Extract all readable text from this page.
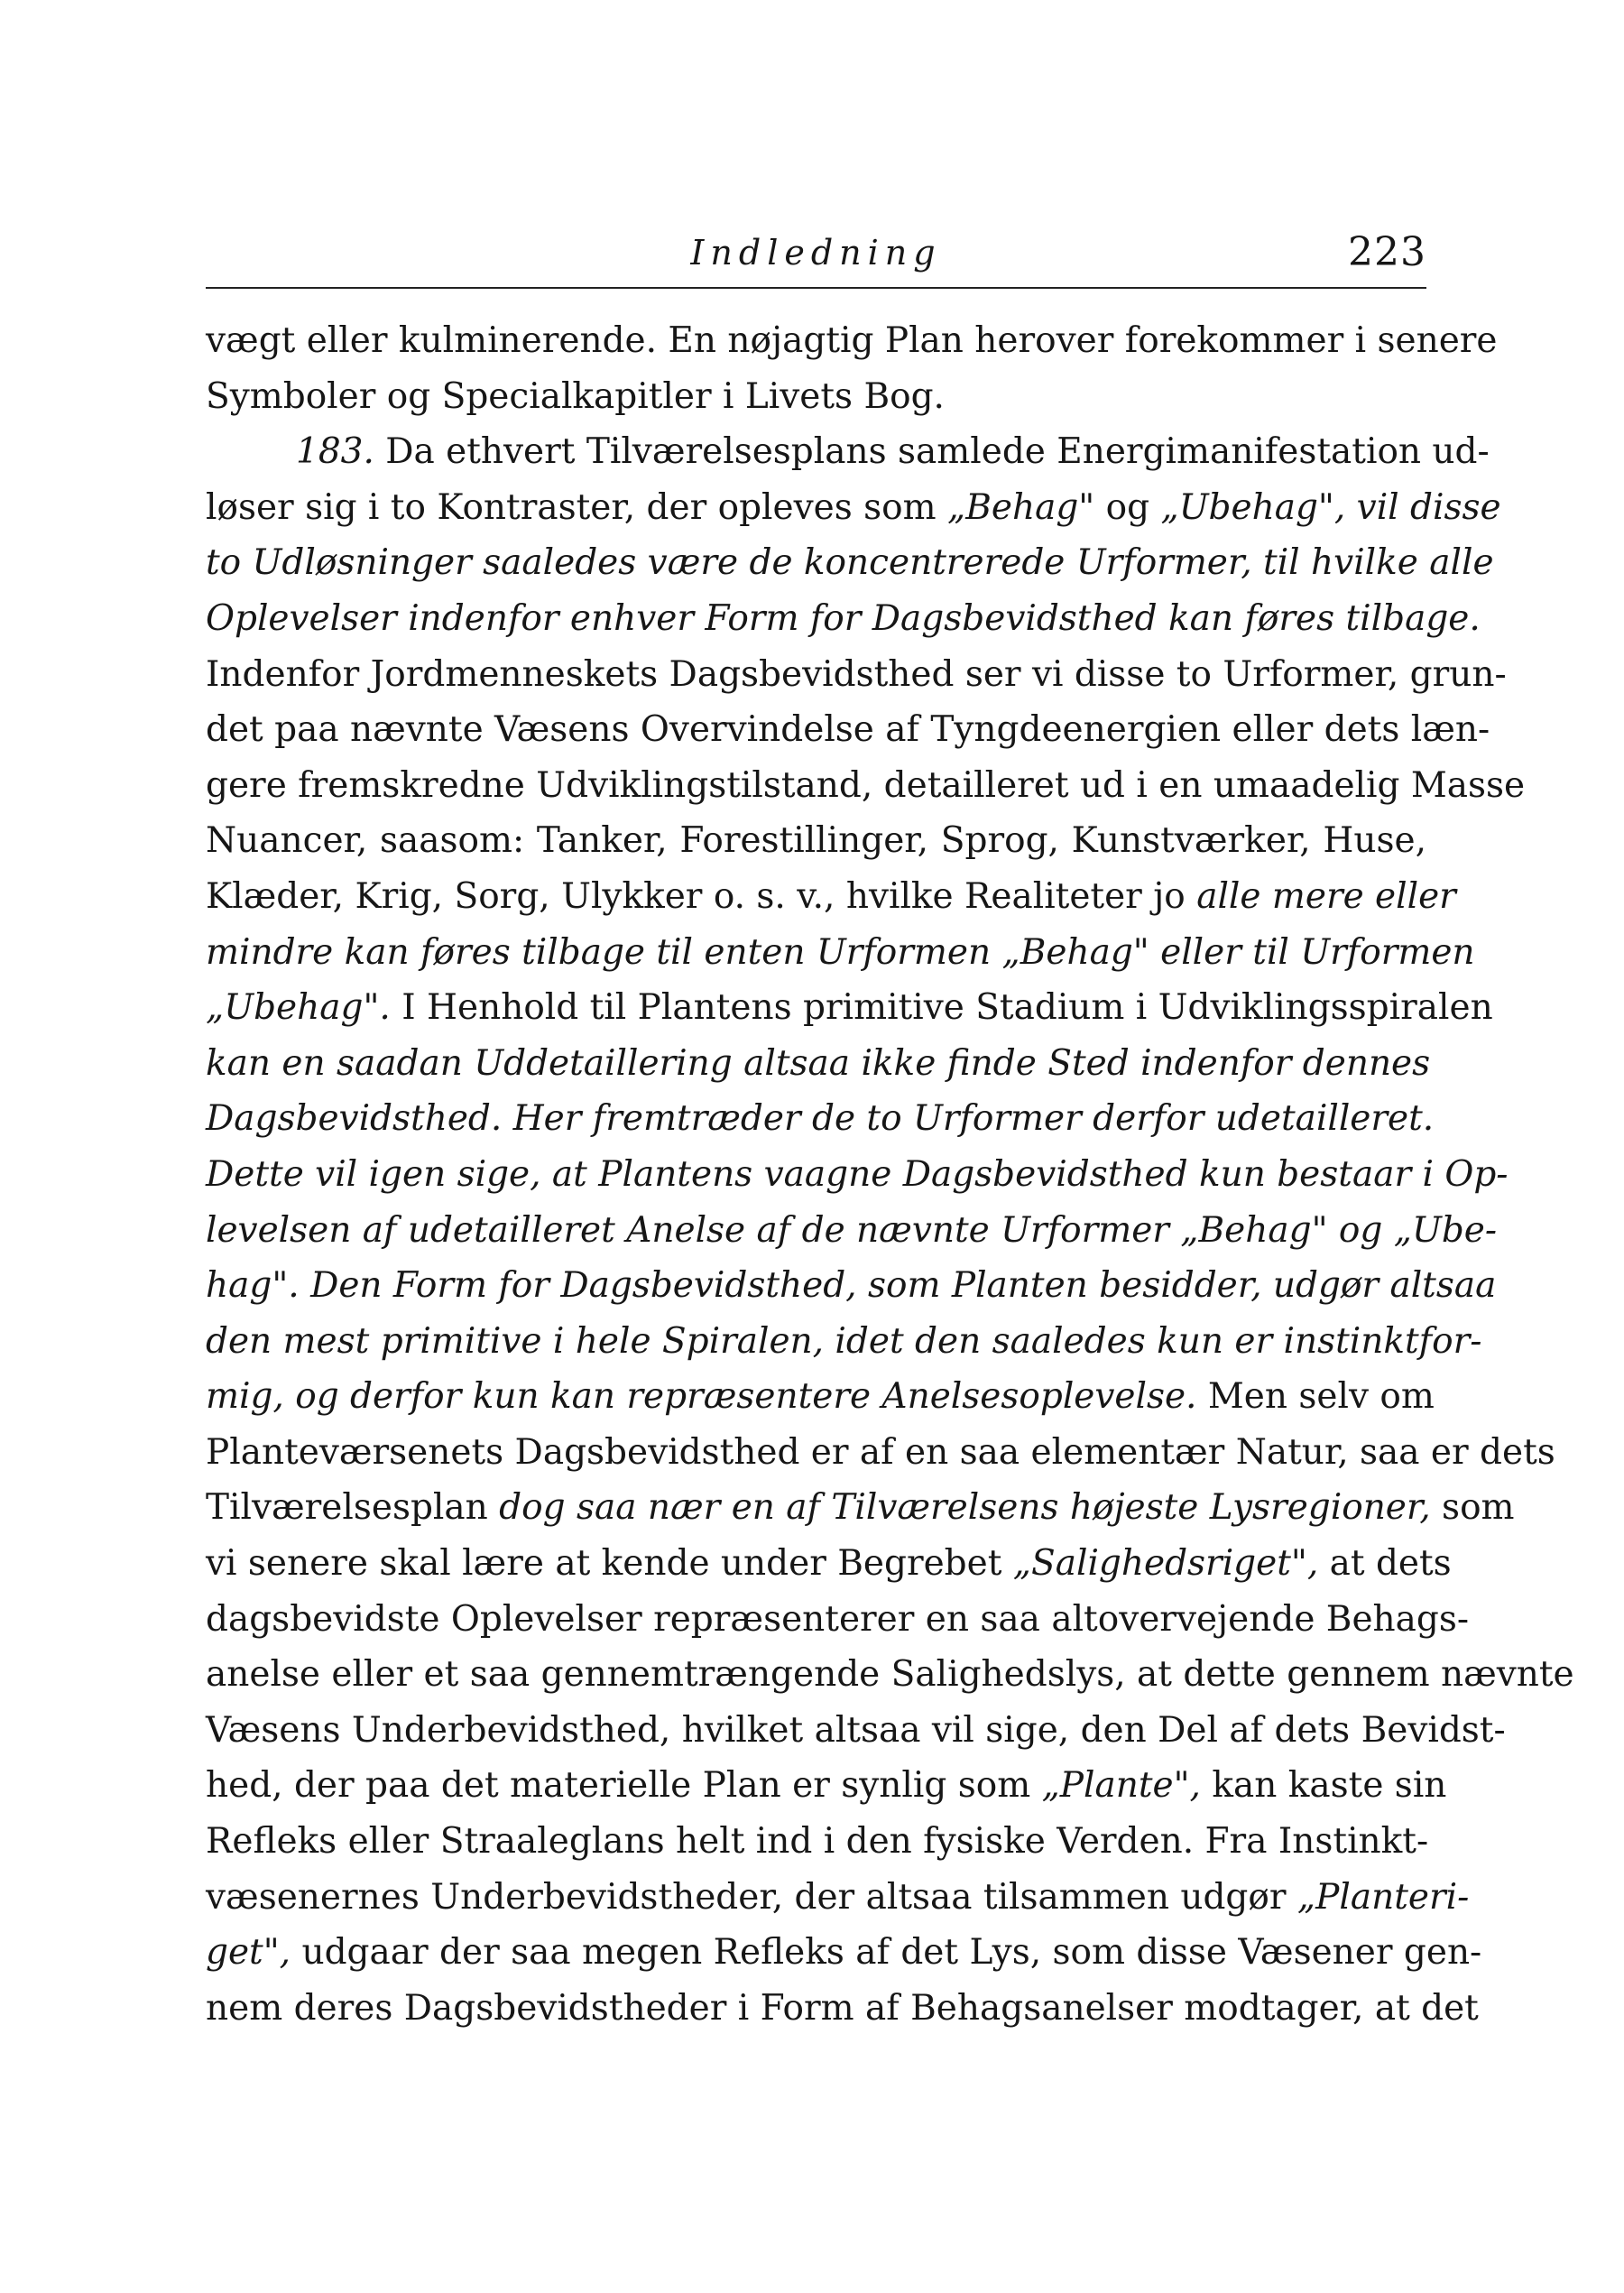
Indledning	223
vægt eller kulminerende. En nøjagtig Plan herover forekommer i senere
Symboler og Specialkapitler i Livets Bog.
183. Da ethvert Tilværelsesplans samlede Energimanifestation ud-
løser sig i to Kontraster, der opleves som „Behag" og „Ubehag", vil disse
to Udløsninger saaledes være de koncentrerede Urformer, til hvilke alle
Oplevelser indenfor enhver Form for Dagsbevidsthed kan føres tilbage.
Indenfor Jordmenneskets Dagsbevidsthed ser vi disse to Urformer, grun-
det paa nævnte Væsens Overvindelse af Tyngdeenergien eller dets læn-
gere fremskredne Udviklingstilstand, detailleret ud i en umaadelig Masse
Nuancer, saasom: Tanker, Forestillinger, Sprog, Kunstværker, Huse,
Klæder, Krig, Sorg, Ulykker o. s. v., hvilke Realiteter jo alle mere eller
mindre kan føres tilbage til enten Urformen „Behag" eller til Urformen
„Ubehag". I Henhold til Plantens primitive Stadium i Udviklingsspiralen
kan en saadan Uddetaillering altsaa ikke finde Sted indenfor dennes
Dagsbevidsthed. Her fremtræder de to Urformer derfor udetailleret.
Dette vil igen sige, at Plantens vaagne Dagsbevidsthed kun bestaar i Op-
levelsen af udetailleret Anelse af de nævnte Urformer „Behag" og „Ube-
hag". Den Form for Dagsbevidsthed, som Planten besidder, udgør altsaa
den mest primitive i hele Spiralen, idet den saaledes kun er instinktfor-
mig, og derfor kun kan repræsentere Anelsesoplevelse. Men selv om
Planteværsenets Dagsbevidsthed er af en saa elementær Natur, saa er dets
Tilværelsesplan dog saa nær en af Tilværelsens højeste Lysregioner, som
vi senere skal lære at kende under Begrebet „Salighedsriget", at dets
dagsbevidste Oplevelser repræsenterer en saa altovervejende Behags-
anelse eller et saa gennemtrængende Salighedslys, at dette gennem nævnte
Væsens Underbevidsthed, hvilket altsaa vil sige, den Del af dets Bevidst-
hed, der paa det materielle Plan er synlig som „Plante", kan kaste sin
Refleks eller Straaleglans helt ind i den fysiske Verden. Fra Instinkt-
væsenernes Underbevidstheder, der altsaa tilsammen udgør „Planteri-
get", udgaar der saa megen Refleks af det Lys, som disse Væsener gen-
nem deres Dagsbevidstheder i Form af Behagsanelser modtager, at det
